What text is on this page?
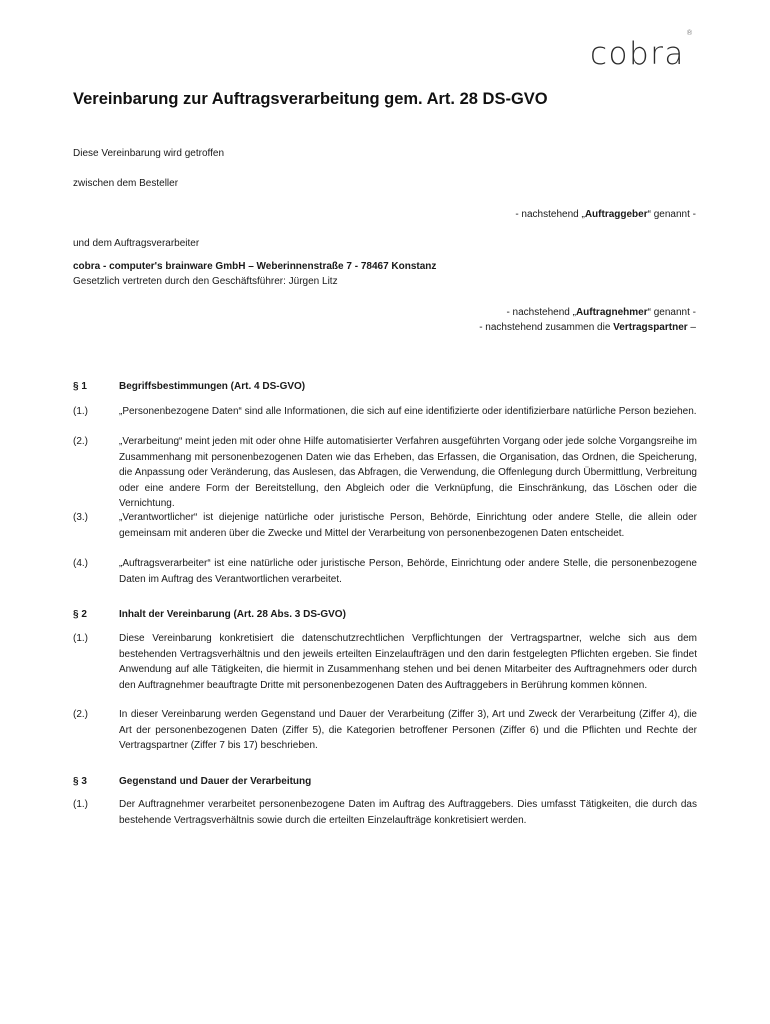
cobra®
Vereinbarung zur Auftragsverarbeitung gem. Art. 28 DS-GVO

Diese Vereinbarung wird getroffen

zwischen dem Besteller

- nachstehend „Auftraggeber“ genannt -

und dem Auftragsverarbeiter

cobra - computer's brainware GmbH – Weberinnenstraße 7 - 78467 Konstanz

Gesetzlich vertreten durch den Geschäftsführer: Jürgen Litz

- nachstehend „Auftragnehmer“ genannt -

- nachstehend zusammen die Vertragspartner –

§ 1	Begriffsbestimmungen (Art. 4 DS-GVO)
(1.)	„Personenbezogene Daten“ sind alle Informationen, die sich auf eine identifizierte oder identifizierbare natürliche Person beziehen.
(2.)	„Verarbeitung“ meint jeden mit oder ohne Hilfe automatisierter Verfahren ausgeführten Vorgang oder jede solche Vorgangsreihe im Zusammenhang mit personenbezogenen Daten wie das Erheben, das Erfassen, die Organisation, das Ordnen, die Speicherung, die Anpassung oder Veränderung, das Auslesen, das Abfragen, die Verwendung, die Offenlegung durch Übermittlung, Verbreitung oder eine andere Form der Bereitstellung, den Abgleich oder die Verknüpfung, die Einschränkung, das Löschen oder die Vernichtung.
(3.)	„Verantwortlicher“ ist diejenige natürliche oder juristische Person, Behörde, Einrichtung oder andere Stelle, die allein oder gemeinsam mit anderen über die Zwecke und Mittel der Verarbeitung von personenbezogenen Daten entscheidet.
(4.)	„Auftragsverarbeiter“ ist eine natürliche oder juristische Person, Behörde, Einrichtung oder andere Stelle, die personenbezogene Daten im Auftrag des Verantwortlichen verarbeitet.
§ 2	Inhalt der Vereinbarung (Art. 28 Abs. 3 DS-GVO)
(1.)	Diese Vereinbarung konkretisiert die datenschutzrechtlichen Verpflichtungen der Vertragspartner, welche sich aus dem bestehenden Vertragsverhältnis und den jeweils erteilten Einzelaufträgen und den darin festgelegten Pflichten ergeben. Sie findet Anwendung auf alle Tätigkeiten, die hiermit in Zusammenhang stehen und bei denen Mitarbeiter des Auftragnehmers oder durch den Auftragnehmer beauftragte Dritte mit personenbezogenen Daten des Auftraggebers in Berührung kommen können.
(2.)	In dieser Vereinbarung werden Gegenstand und Dauer der Verarbeitung (Ziffer 3), Art und Zweck der Verarbeitung (Ziffer 4), die Art der personenbezogenen Daten (Ziffer 5), die Kategorien betroffener Personen (Ziffer 6) und die Pflichten und Rechte der Vertragspartner (Ziffer 7 bis 17) beschrieben.
§ 3	Gegenstand und Dauer der Verarbeitung
(1.)	Der Auftragnehmer verarbeitet personenbezogene Daten im Auftrag des Auftraggebers. Dies umfasst Tätigkeiten, die durch das bestehende Vertragsverhältnis sowie durch die erteilten Einzelaufträge konkretisiert werden.
